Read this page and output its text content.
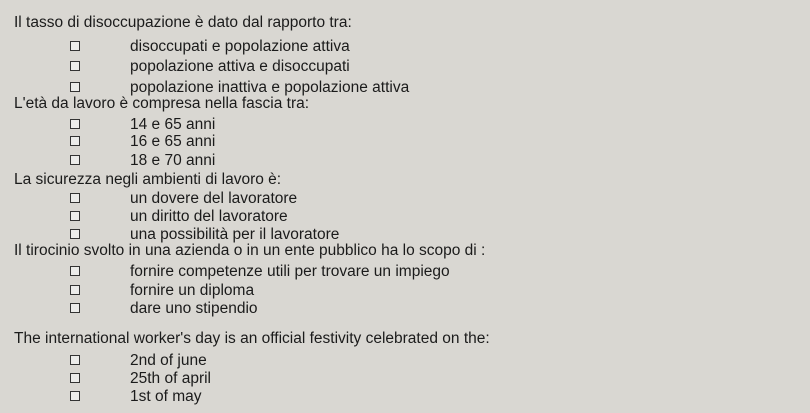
Il tasso di disoccupazione è dato dal rapporto tra:
disoccupati e popolazione attiva
popolazione attiva e disoccupati
popolazione inattiva e popolazione attiva
L'età da lavoro è compresa nella fascia tra:
14 e 65 anni
16 e 65 anni
18 e 70 anni
La sicurezza negli ambienti di lavoro è:
un dovere del lavoratore
un diritto del lavoratore
una possibilità per il lavoratore
Il tirocinio svolto in una azienda o in un ente pubblico ha lo scopo di :
fornire competenze utili per trovare un impiego
fornire un diploma
dare uno stipendio
The international worker's day is an official festivity celebrated on the:
2nd of june
25th of april
1st of may
